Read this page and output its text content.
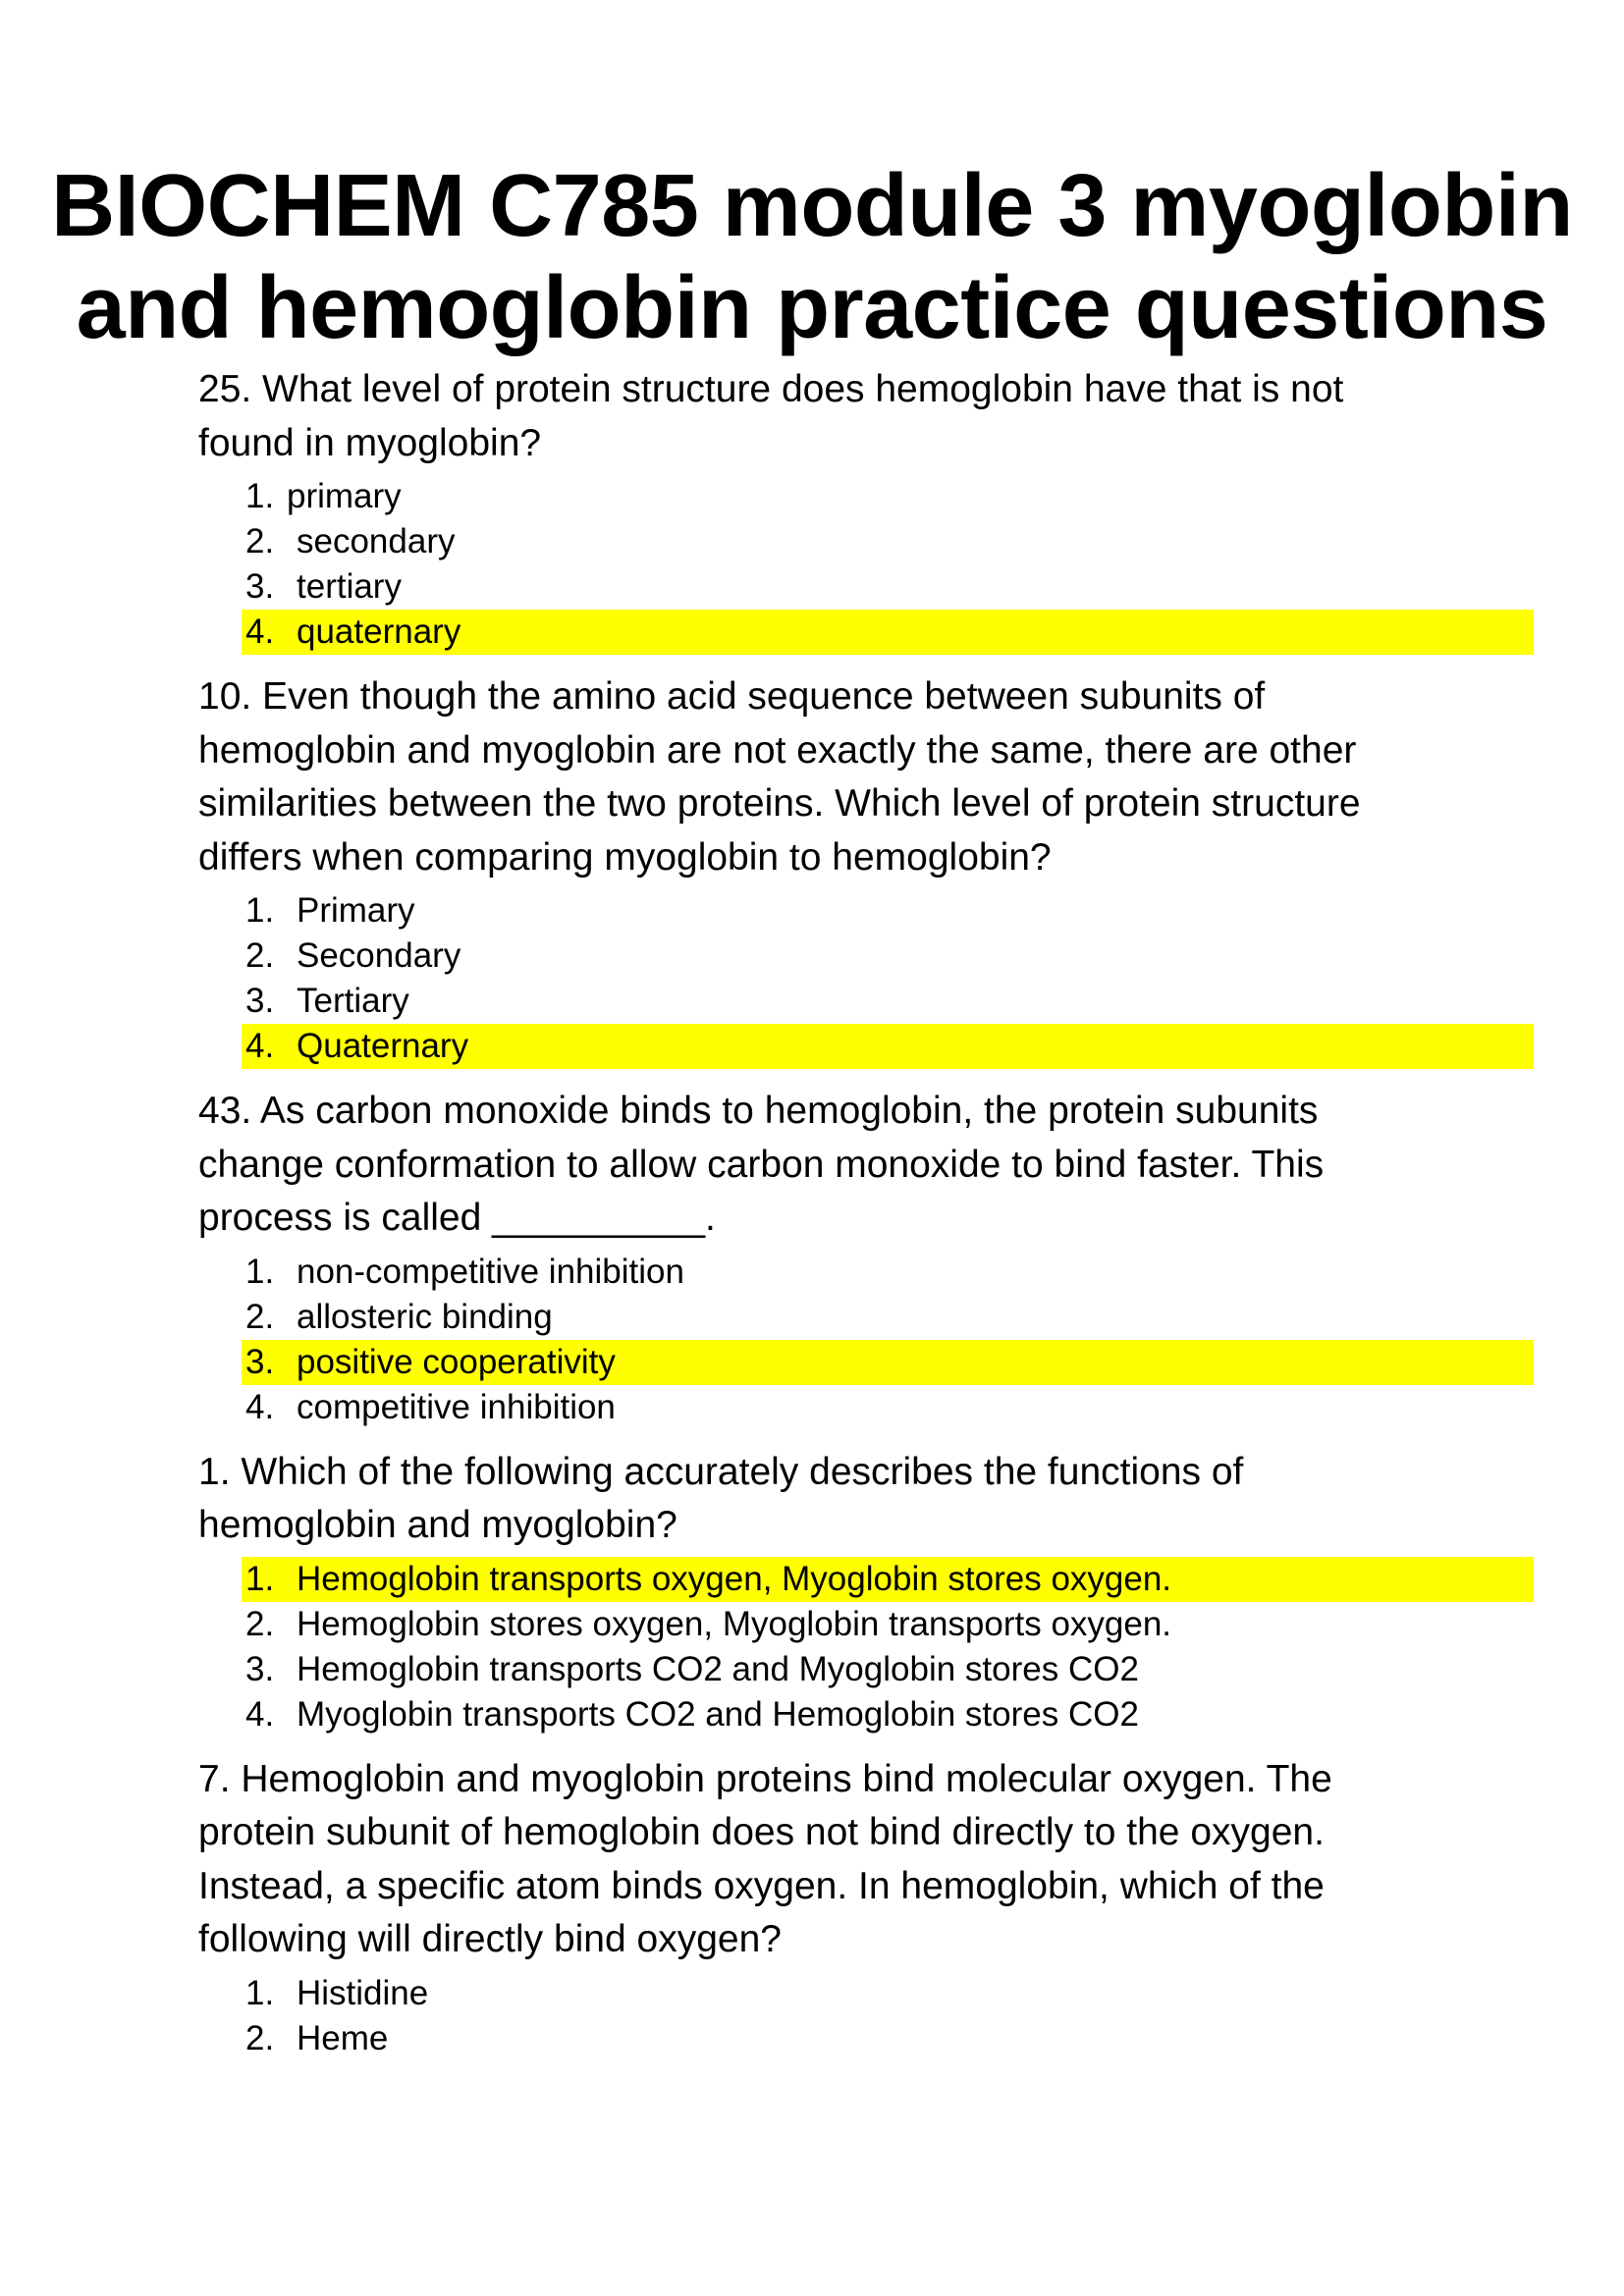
BIOCHEM C785 module 3 myoglobin
and hemoglobin practice questions

25. What level of protein structure does hemoglobin have that is not
found in myoglobin?

1. primary
2. secondary
3. tertiary
4. quaternary

10. Even though the amino acid sequence between subunits of
hemoglobin and myoglobin are not exactly the same, there are other
similarities between the two proteins. Which level of protein structure
differs when comparing myoglobin to hemoglobin?

1. Primary
2. Secondary
3. Tertiary
4. Quaternary

43. As carbon monoxide binds to hemoglobin, the protein subunits
change conformation to allow carbon monoxide to bind faster. This
process is called __________.

1. non-competitive inhibition
2. allosteric binding
3. positive cooperativity
4. competitive inhibition

1. Which of the following accurately describes the functions of
hemoglobin and myoglobin?

1. Hemoglobin transports oxygen, Myoglobin stores oxygen.
2. Hemoglobin stores oxygen, Myoglobin transports oxygen.
3. Hemoglobin transports CO2 and Myoglobin stores CO2
4. Myoglobin transports CO2 and Hemoglobin stores CO2

7. Hemoglobin and myoglobin proteins bind molecular oxygen. The
protein subunit of hemoglobin does not bind directly to the oxygen.
Instead, a specific atom binds oxygen. In hemoglobin, which of the
following will directly bind oxygen?

1. Histidine
2. Heme
